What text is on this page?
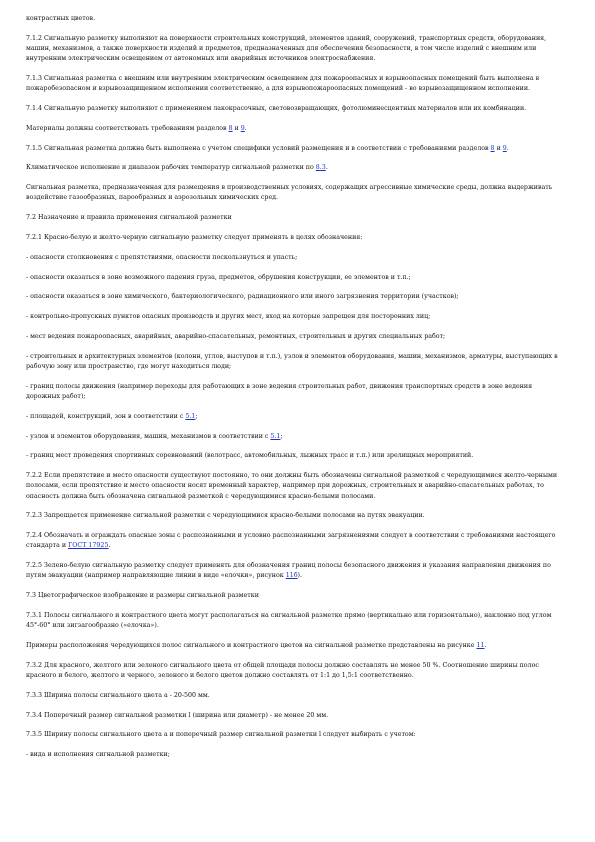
контрастных цветов.

7.1.2 Сигнальную разметку выполняют на поверхности строительных конструкций, элементов зданий, сооружений, транспортных средств, оборудования, машин, механизмов, а также поверхности изделий и предметов, предназначенных для обеспечения безопасности, в том числе изделий с внешним или внутренним электрическим освещением от автономных или аварийных источников электроснабжения.

7.1.3 Сигнальная разметка с внешним или внутренним электрическим освещением для пожароопасных и взрывоопасных помещений быть выполнена в пожаробезопасном и взрывозащищенном исполнении соответственно, а для взрывопожароопасных помещений - во взрывозащищенном исполнении.

7.1.4 Сигнальную разметку выполняют с применением лакокрасочных, световозвращающих, фотолюминесцентных материалов или их комбинации.

Материалы должны соответствовать требованиям разделов 8 и 9.

7.1.5 Сигнальная разметка должна быть выполнена с учетом специфики условий размещения и в соответствии с требованиями разделов 8 и 9.

Климатическое исполнение и диапазон рабочих температур сигнальной разметки по 8.3.

Сигнальная разметка, предназначенная для размещения в производственных условиях, содержащих агрессивные химические среды, должна выдерживать воздействие газообразных, парообразных и аэрозольных химических сред.

7.2 Назначение и правила применения сигнальной разметки

7.2.1 Красно-белую и желто-черную сигнальную разметку следует применять в целях обозначения:

- опасности столкновения с препятствиями, опасности поскользнуться и упасть;

- опасности оказаться в зоне возможного падения груза, предметов, обрушения конструкции, ее элементов и т.п.;

- опасности оказаться в зоне химического, бактериологического, радиационного или иного загрязнения территории (участков);

- контрольно-пропускных пунктов опасных производств и других мест, вход на которые запрещен для посторонних лиц;

- мест ведения пожароопасных, аварийных, аварийно-спасательных, ремонтных, строительных и других специальных работ;

- строительных и архитектурных элементов (колонн, углов, выступов и т.п.), узлов и элементов оборудования, машин, механизмов, арматуры, выступающих в рабочую зону или пространство, где могут находиться люди;

- границ полосы движения (например переходы для работающих в зоне ведения строительных работ, движения транспортных средств в зоне ведения дорожных работ);

- площадей, конструкций, зон в соответствии с 5.1;

- узлов и элементов оборудования, машин, механизмов в соответствии с 5.1;

- границ мест проведения спортивных соревнований (велотрасс, автомобильных, лыжных трасс и т.п.) или зрелищных мероприятий.

7.2.2 Если препятствие и место опасности существуют постоянно, то они должны быть обозначены сигнальной разметкой с чередующимися желто-черными полосами, если препятствие и место опасности носят временный характер, например при дорожных, строительных и аварийно-спасательных работах, то опасность должна быть обозначена сигнальной разметкой с чередующимися красно-белыми полосами.

7.2.3 Запрещается применение сигнальной разметки с чередующимися красно-белыми полосами на путях эвакуации.

7.2.4 Обозначать и ограждать опасные зоны с распознанными и условно распознанными загрязнениями следует в соответствии с требованиями настоящего стандарта и ГОСТ 17925.

7.2.5 Зелено-белую сигнальную разметку следует применять для обозначения границ полосы безопасного движения и указания направления движения по путям эвакуации (например направляющие линии в виде «елочки», рисунок 11б).

7.3 Цветографическое изображение и размеры сигнальной разметки

7.3.1 Полосы сигнального и контрастного цвета могут располагаться на сигнальной разметке прямо (вертикально или горизонтально), наклонно под углом 45°-60° или зигзагообразно («елочка»).

Примеры расположения чередующихся полос сигнального и контрастного цветов на сигнальной разметке представлены на рисунке 11.

7.3.2 Для красного, желтого или зеленого сигнального цвета от общей площади полосы должно составлять не менее 50 %. Соотношение ширины полос красного и белого, желтого и черного, зеленого и белого цветов должно составлять от 1:1 до 1,5:1 соответственно.

7.3.3 Ширина полосы сигнального цвета a - 20-500 мм.

7.3.4 Поперечный размер сигнальной разметки l (ширина или диаметр) - не менее 20 мм.

7.3.5 Ширину полосы сигнального цвета a и поперечный размер сигнальной разметки l следует выбирать с учетом:

- вида и исполнения сигнальной разметки;
